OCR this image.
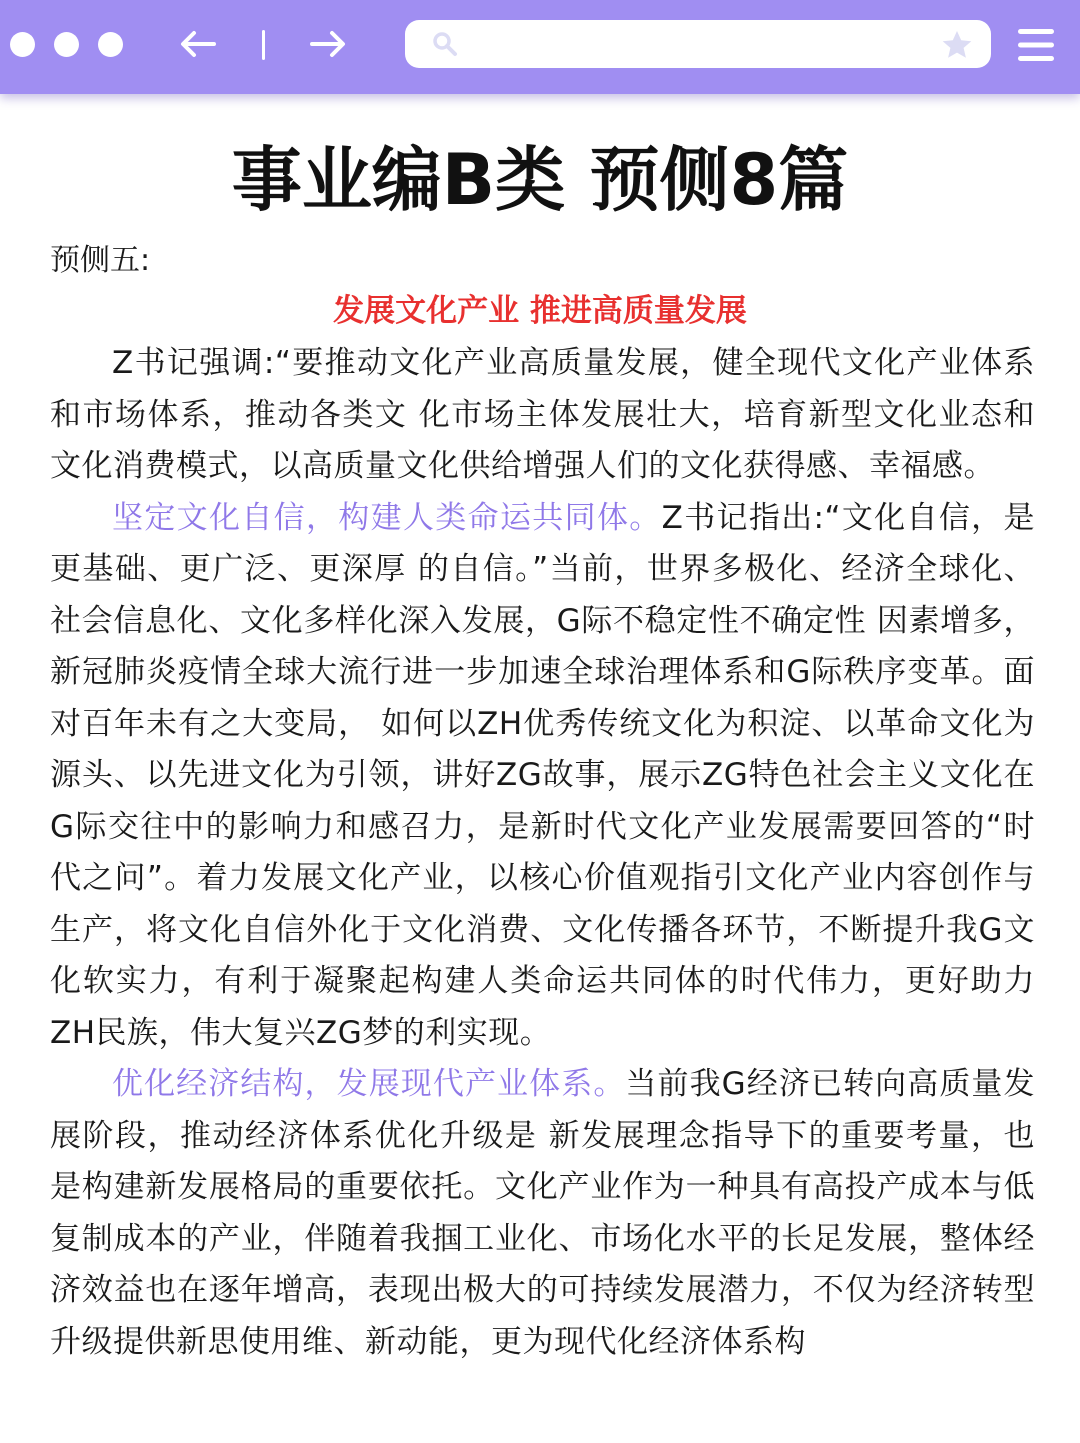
事业编B类 预侧8篇

预侧五:

发展文化产业 推进高质量发展

Z书记强调:“要推动文化产业高质量发展，健全现代文化产业体系和市场体系，推动各类文 化市场主体发展壮大，培育新型文化业态和文化消费模式，以高质量文化供给增强人们的文化获得感、幸福感。

坚定文化自信，构建人类命运共同体。Z书记指出:“文化自信，是更基础、更广泛、更深厚 的自信。”当前，世界多极化、经济全球化、社会信息化、文化多样化深入发展，G际不稳定性不确定性 因素增多，新冠肺炎疫情全球大流行进一步加速全球治理体系和G际秩序变革。面对百年未有之大变局， 如何以ZH优秀传统文化为积淀、以革命文化为源头、以先进文化为引领，讲好ZG故事，展示ZG特色社会主义文化在G际交往中的影响力和感召力，是新时代文化产业发展需要回答的“时代之问”。着力发展文化产业，以核心价值观指引文化产业内容创作与生产，将文化自信外化于文化消费、文化传播各环节，不断提升我G文化软实力，有利于凝聚起构建人类命运共同体的时代伟力，更好助力ZH民族，伟大复兴ZG梦的利实现。

优化经济结构，发展现代产业体系。当前我G经济已转向高质量发展阶段，推动经济体系优化升级是 新发展理念指导下的重要考量，也是构建新发展格局的重要依托。文化产业作为一种具有高投产成本与低复制成本的产业，伴随着我掴工业化、市场化水平的长足发展，整体经济效益也在逐年增高，表现出极大的可持续发展潜力，不仅为经济转型升级提供新思使用维、新动能，更为现代化经济体系构
